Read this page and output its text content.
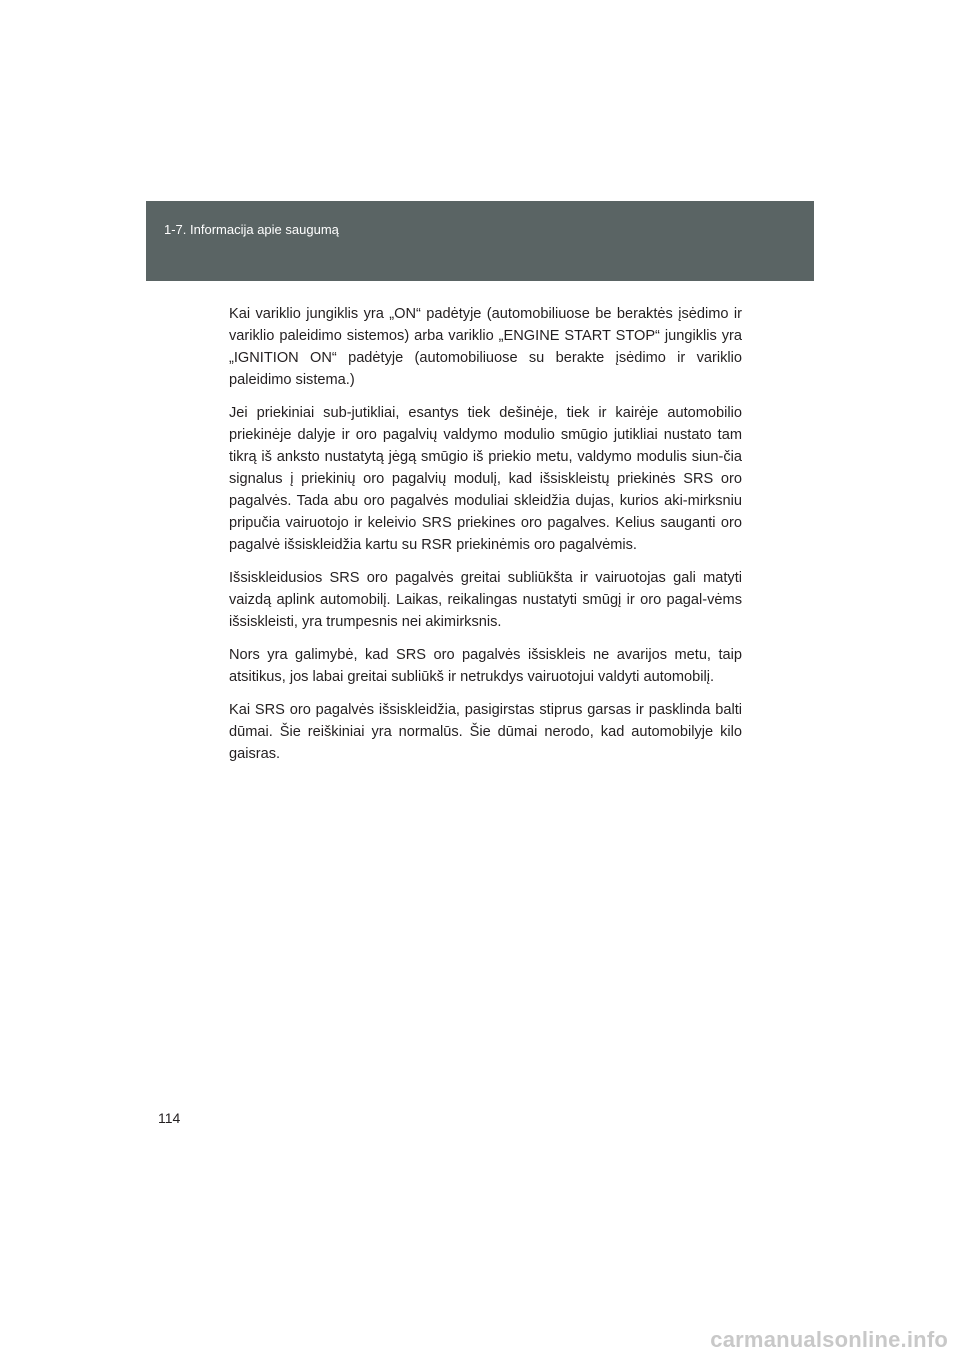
1-7. Informacija apie saugumą

Kai variklio jungiklis yra „ON“ padėtyje (automobiliuose be beraktės įsėdimo ir variklio paleidimo sistemos) arba variklio „ENGINE START STOP“ jungiklis yra „IGNITION ON“ padėtyje (automobiliuose su berakte įsėdimo ir variklio paleidimo sistema.)

Jei priekiniai sub-jutikliai, esantys tiek dešinėje, tiek ir kairėje automobilio priekinėje dalyje ir oro pagalvių valdymo modulio smūgio jutikliai nustato tam tikrą iš anksto nustatytą jėgą smūgio iš priekio metu, valdymo modulis siun-čia signalus į priekinių oro pagalvių modulį, kad išsiskleistų priekinės SRS oro pagalvės. Tada abu oro pagalvės moduliai skleidžia dujas, kurios aki-mirksniu pripučia vairuotojo ir keleivio SRS priekines oro pagalves. Kelius sauganti oro pagalvė išsiskleidžia kartu su RSR priekinėmis oro pagalvėmis.

Išsiskleidusios SRS oro pagalvės greitai subliūkšta ir vairuotojas gali matyti vaizdą aplink automobilį. Laikas, reikalingas nustatyti smūgį ir oro pagal-vėms išsiskleisti, yra trumpesnis nei akimirksnis.

Nors yra galimybė, kad SRS oro pagalvės išsiskleis ne avarijos metu, taip atsitikus, jos labai greitai subliūkš ir netrukdys vairuotojui valdyti automobilį.

Kai SRS oro pagalvės išsiskleidžia, pasigirstas stiprus garsas ir pasklinda balti dūmai. Šie reiškiniai yra normalūs. Šie dūmai nerodo, kad automobilyje kilo gaisras.

114
carmanualsonline.info
